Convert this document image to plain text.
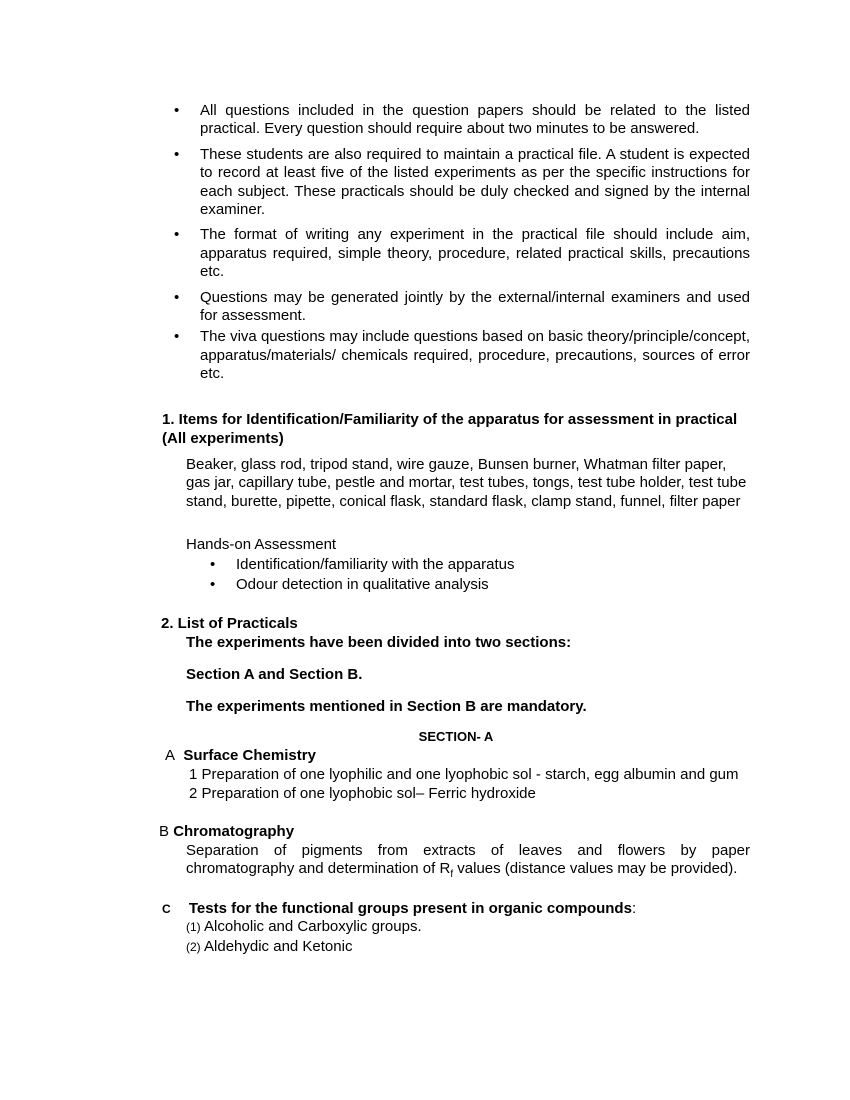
• All questions included in the question papers should be related to the listed practical. Every question should require about two minutes to be answered.
• These students are also required to maintain a practical file. A student is expected to record at least five of the listed experiments as per the specific instructions for each subject. These practicals should be duly checked and signed by the internal examiner.
• The format of writing any experiment in the practical file should include aim, apparatus required, simple theory, procedure, related practical skills, precautions etc.
• Questions may be generated jointly by the external/internal examiners and used for assessment.
• The viva questions may include questions based on basic theory/principle/concept, apparatus/materials/ chemicals required, procedure, precautions, sources of error etc.
1. Items for Identification/Familiarity of the apparatus for assessment in practical
(All experiments)
Beaker, glass rod, tripod stand, wire gauze, Bunsen burner, Whatman filter paper, gas jar, capillary tube, pestle and mortar, test tubes, tongs, test tube holder, test tube stand, burette, pipette, conical flask, standard flask, clamp stand, funnel, filter paper
Hands-on Assessment
• Identification/familiarity with the apparatus
• Odour detection in qualitative analysis
2. List of Practicals
The experiments have been divided into two sections:
Section A and Section B.
The experiments mentioned in Section B are mandatory.
SECTION- A
A Surface Chemistry
1 Preparation of one lyophilic and one lyophobic sol - starch, egg albumin and gum
2 Preparation of one lyophobic sol– Ferric hydroxide
B Chromatography
Separation of pigments from extracts of leaves and flowers by paper chromatography and determination of $R_f$ values (distance values may be provided).
C Tests for the functional groups present in organic compounds:
(1) Alcoholic and Carboxylic groups.
(2) Aldehydic and Ketonic
